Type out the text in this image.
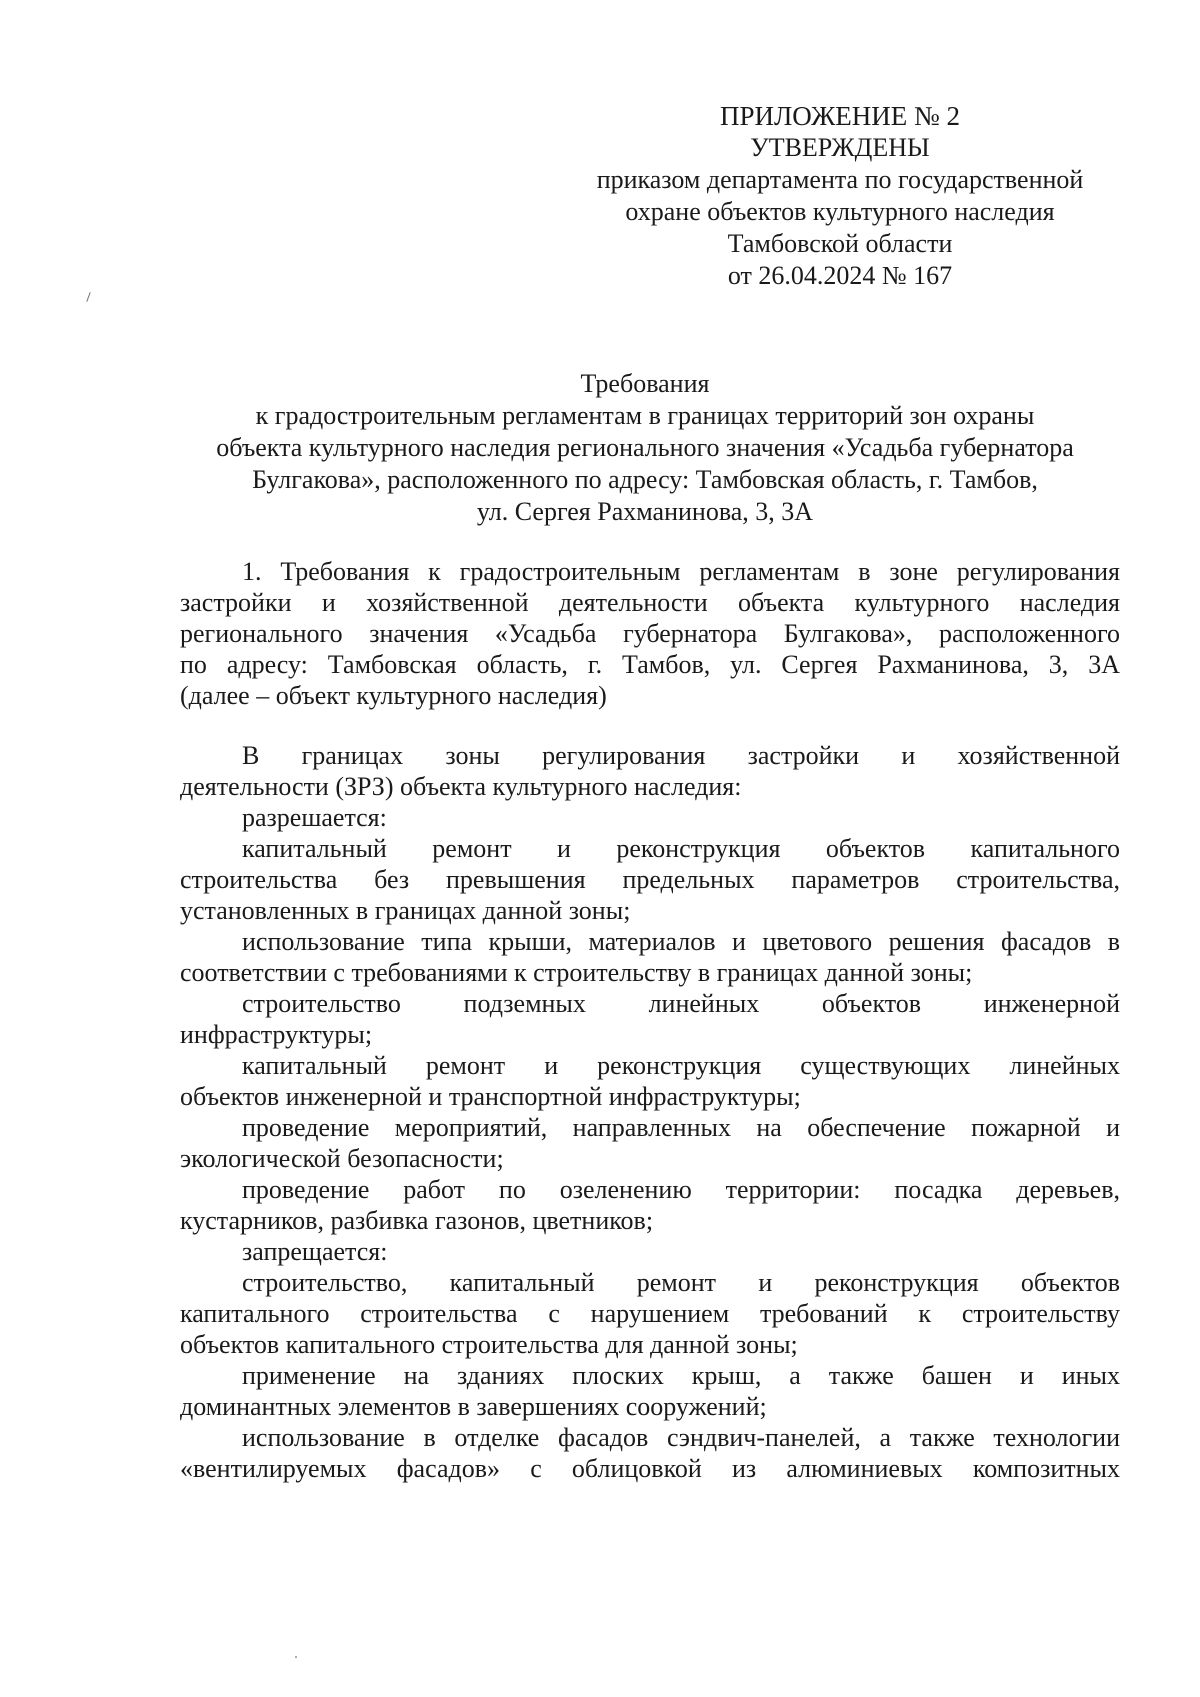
ПРИЛОЖЕНИЕ № 2
УТВЕРЖДЕНЫ
приказом департамента по государственной
охране объектов культурного наследия
Тамбовской области
от 26.04.2024 № 167
Требования
к градостроительным регламентам в границах территорий зон охраны
объекта культурного наследия регионального значения «Усадьба губернатора
Булгакова», расположенного по адресу: Тамбовская область, г. Тамбов,
ул. Сергея Рахманинова, 3, 3А
1. Требования к градостроительным регламентам в зоне регулирования
застройки и хозяйственной деятельности объекта культурного наследия
регионального значения «Усадьба губернатора Булгакова», расположенного
по адресу: Тамбовская область, г. Тамбов, ул. Сергея Рахманинова, 3, 3А
(далее – объект культурного наследия)
В границах зоны регулирования застройки и хозяйственной
деятельности (ЗРЗ) объекта культурного наследия:
разрешается:
капитальный ремонт и реконструкция объектов капитального
строительства без превышения предельных параметров строительства,
установленных в границах данной зоны;
использование типа крыши, материалов и цветового решения фасадов в
соответствии с требованиями к строительству в границах данной зоны;
строительство подземных линейных объектов инженерной
инфраструктуры;
капитальный ремонт и реконструкция существующих линейных
объектов инженерной и транспортной инфраструктуры;
проведение мероприятий, направленных на обеспечение пожарной и
экологической безопасности;
проведение работ по озеленению территории: посадка деревьев,
кустарников, разбивка газонов, цветников;
запрещается:
строительство, капитальный ремонт и реконструкция объектов
капитального строительства с нарушением требований к строительству
объектов капитального строительства для данной зоны;
применение на зданиях плоских крыш, а также башен и иных
доминантных элементов в завершениях сооружений;
использование в отделке фасадов сэндвич-панелей, а также технологии
«вентилируемых фасадов» с облицовкой из алюминиевых композитных
